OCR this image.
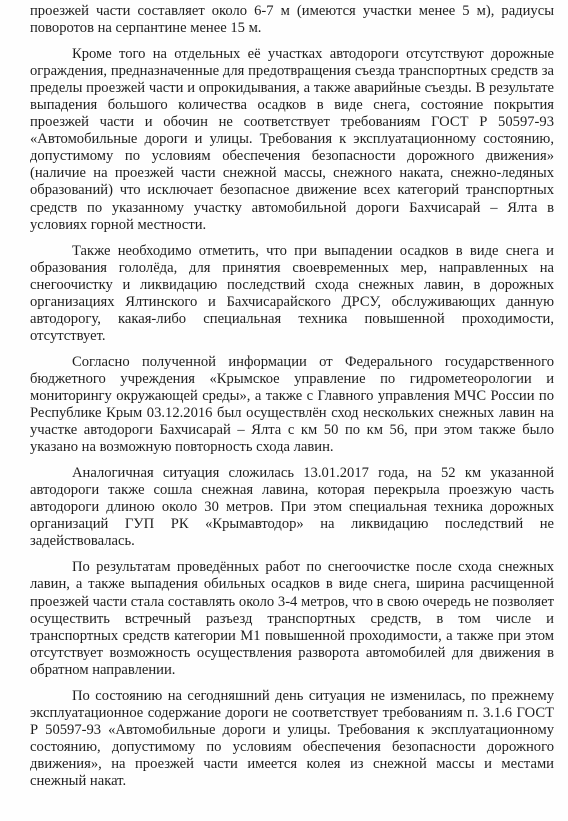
проезжей части составляет около 6-7 м (имеются участки менее 5 м), радиусы поворотов на серпантине менее 15 м.

Кроме того на отдельных её участках автодороги отсутствуют дорожные ограждения, предназначенные для предотвращения съезда транспортных средств за пределы проезжей части и опрокидывания, а также аварийные съезды. В результате выпадения большого количества осадков в виде снега, состояние покрытия проезжей части и обочин не соответствует требованиям ГОСТ Р 50597-93 «Автомобильные дороги и улицы. Требования к эксплуатационному состоянию, допустимому по условиям обеспечения безопасности дорожного движения» (наличие на проезжей части снежной массы, снежного наката, снежно-ледяных образований) что исключает безопасное движение всех категорий транспортных средств по указанному участку автомобильной дороги Бахчисарай – Ялта в условиях горной местности.

Также необходимо отметить, что при выпадении осадков в виде снега и образования гололёда, для принятия своевременных мер, направленных на снегоочистку и ликвидацию последствий схода снежных лавин, в дорожных организациях Ялтинского и Бахчисарайского ДРСУ, обслуживающих данную автодорогу, какая-либо специальная техника повышенной проходимости, отсутствует.

Согласно полученной информации от Федерального государственного бюджетного учреждения «Крымское управление по гидрометеорологии и мониторингу окружающей среды», а также с Главного управления МЧС России по Республике Крым 03.12.2016 был осуществлён сход нескольких снежных лавин на участке автодороги Бахчисарай – Ялта с км 50 по км 56, при этом также было указано на возможную повторность схода лавин.

Аналогичная ситуация сложилась 13.01.2017 года, на 52 км указанной автодороги также сошла снежная лавина, которая перекрыла проезжую часть автодороги длиною около 30 метров. При этом специальная техника дорожных организаций ГУП РК «Крымавтодор» на ликвидацию последствий не задействовалась.

По результатам проведённых работ по снегоочистке после схода снежных лавин, а также выпадения обильных осадков в виде снега, ширина расчищенной проезжей части стала составлять около 3-4 метров, что в свою очередь не позволяет осуществить встречный разъезд транспортных средств, в том числе и транспортных средств категории М1 повышенной проходимости, а также при этом отсутствует возможность осуществления разворота автомобилей для движения в обратном направлении.

По состоянию на сегодняшний день ситуация не изменилась, по прежнему эксплуатационное содержание дороги не соответствует требованиям п. 3.1.6 ГОСТ Р 50597-93 «Автомобильные дороги и улицы. Требования к эксплуатационному состоянию, допустимому по условиям обеспечения безопасности дорожного движения», на проезжей части имеется колея из снежной массы и местами снежный накат.
